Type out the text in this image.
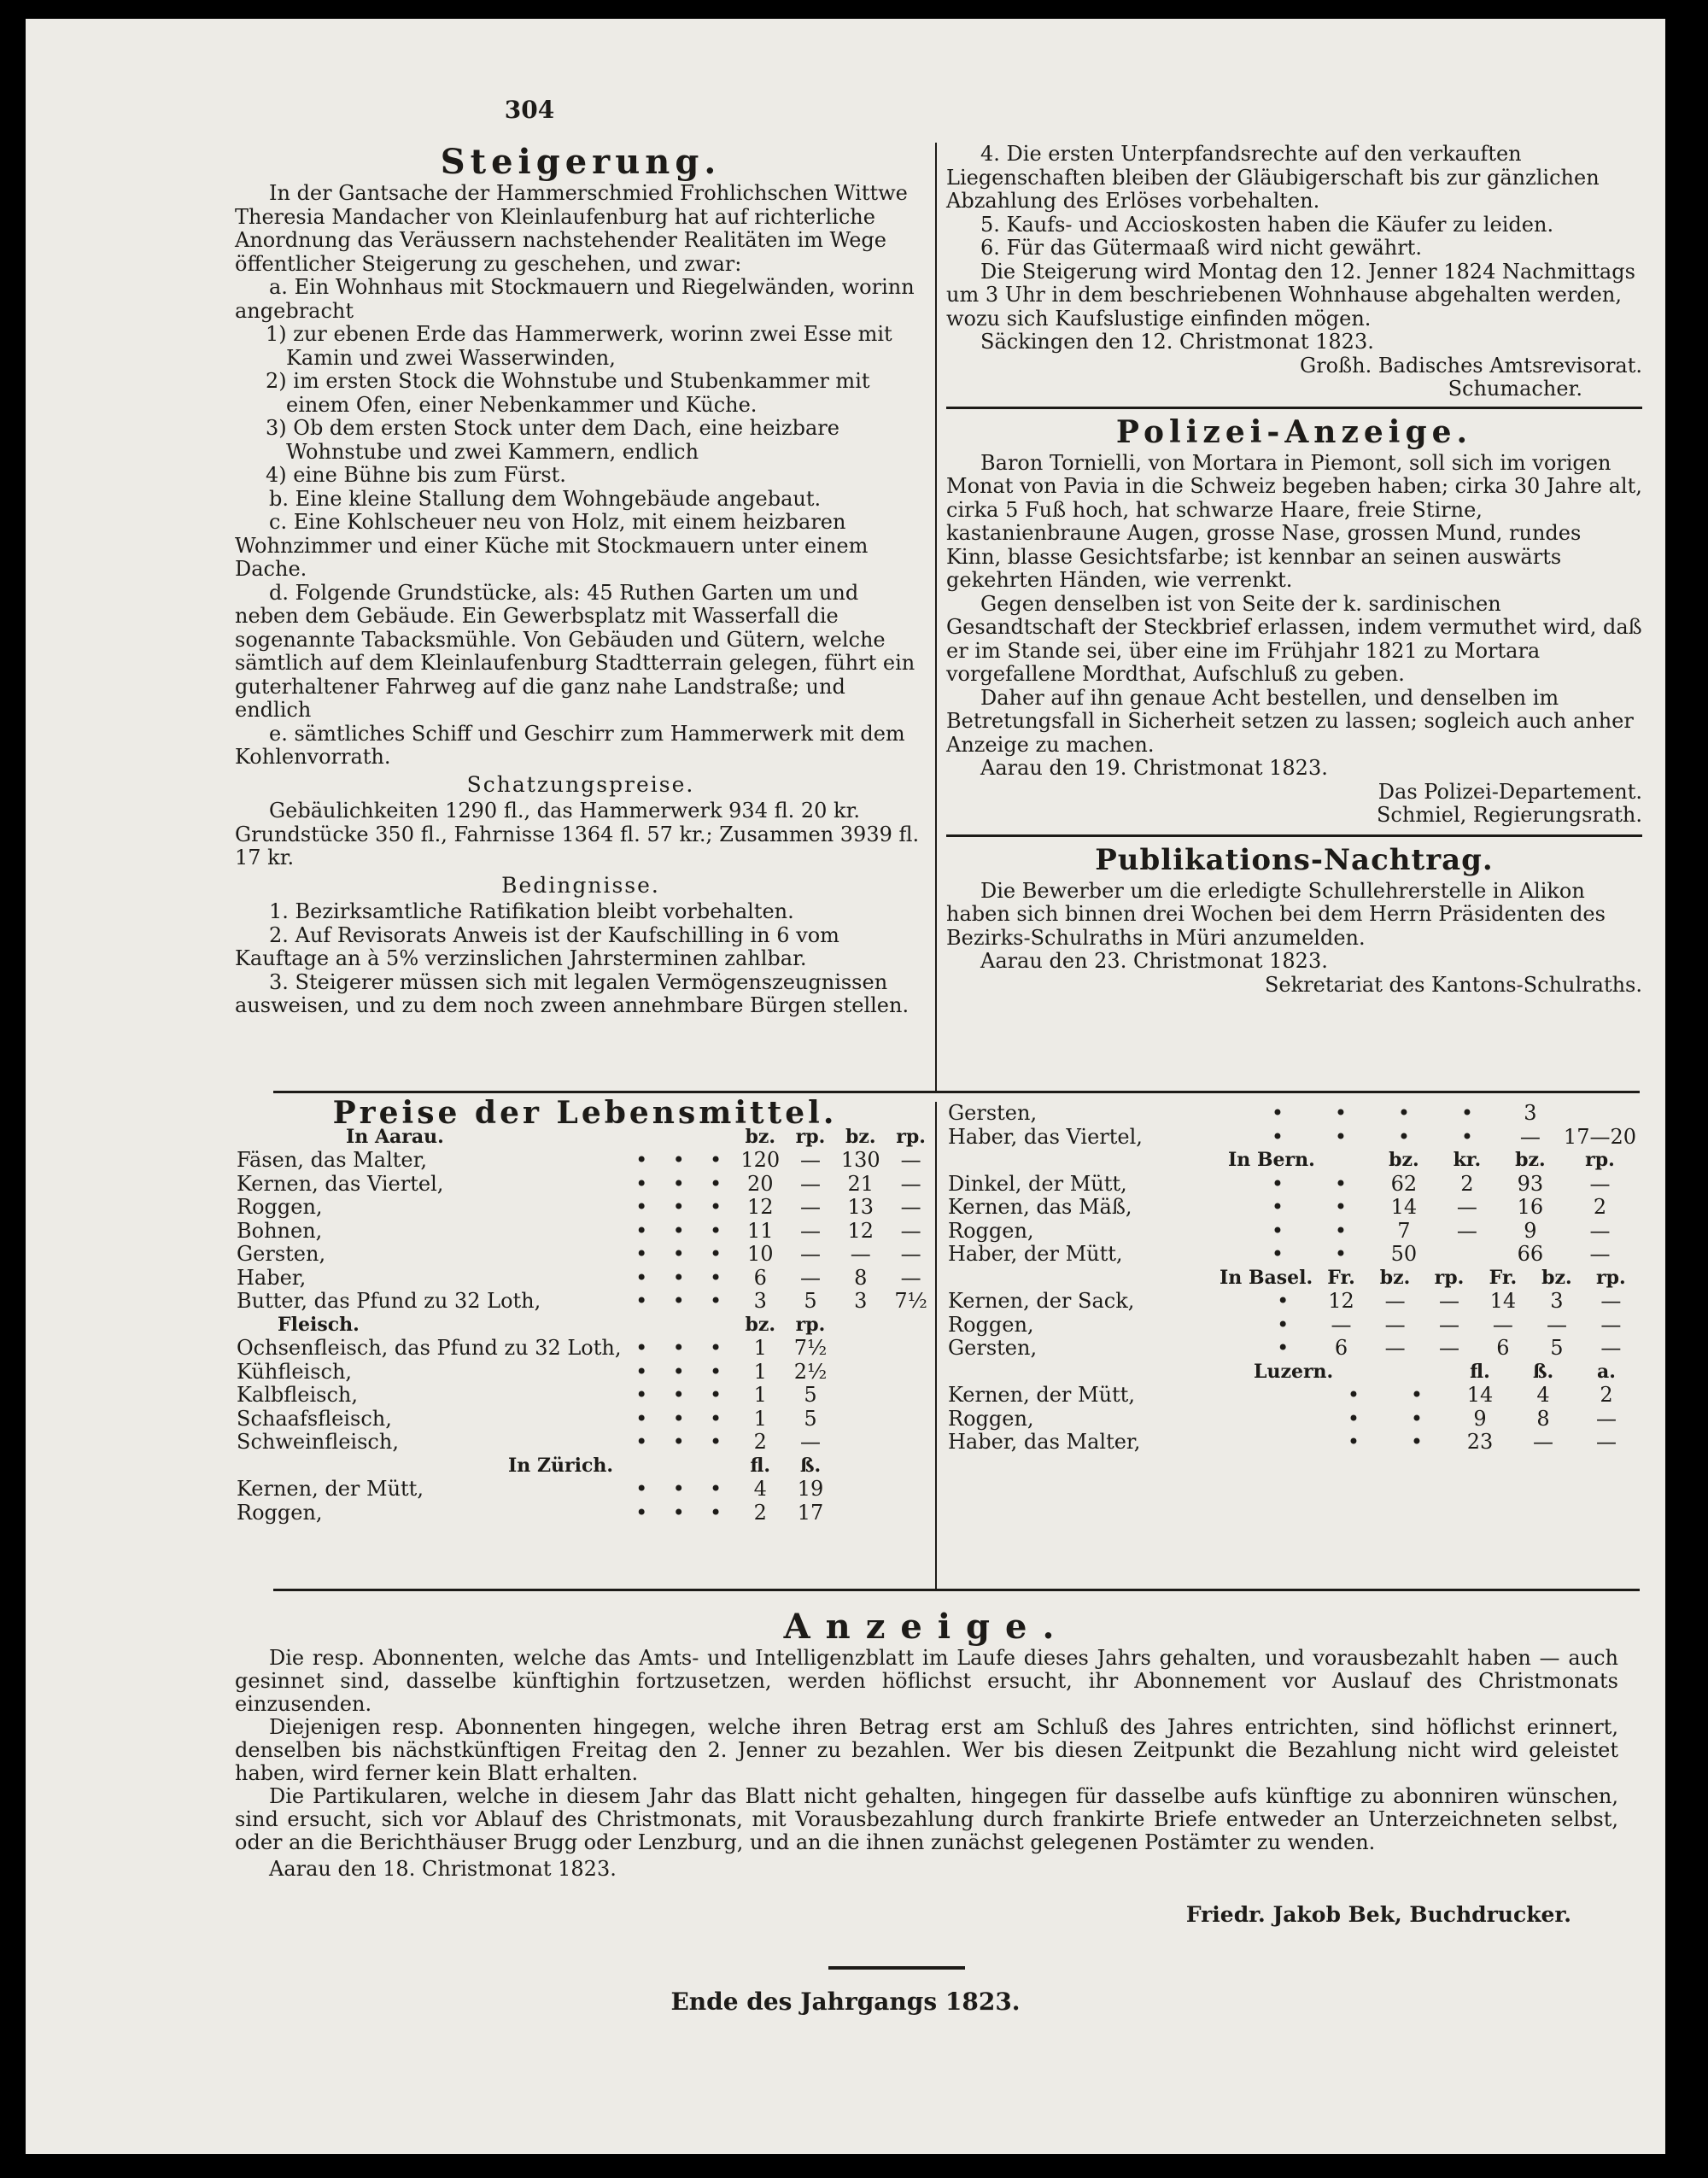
304
Steigerung.

In der Gantsache der Hammerschmied Frohlichschen Wittwe Theresia Mandacher von Kleinlaufenburg hat auf richterliche Anordnung das Veräussern nachstehender Realitäten im Wege öffentlicher Steigerung zu geschehen, und zwar:

a. Ein Wohnhaus mit Stockmauern und Riegelwänden, worinn angebracht

1) zur ebenen Erde das Hammerwerk, worinn zwei Esse mit Kamin und zwei Wasserwinden,

2) im ersten Stock die Wohnstube und Stubenkammer mit einem Ofen, einer Nebenkammer und Küche.

3) Ob dem ersten Stock unter dem Dach, eine heizbare Wohnstube und zwei Kammern, endlich

4) eine Bühne bis zum Fürst.

b. Eine kleine Stallung dem Wohngebäude angebaut.

c. Eine Kohlscheuer neu von Holz, mit einem heizbaren Wohnzimmer und einer Küche mit Stockmauern unter einem Dache.

d. Folgende Grundstücke, als: 45 Ruthen Garten um und neben dem Gebäude. Ein Gewerbsplatz mit Wasserfall die sogenannte Tabacksmühle. Von Gebäuden und Gütern, welche sämtlich auf dem Kleinlaufenburg Stadtterrain gelegen, führt ein guterhaltener Fahrweg auf die ganz nahe Landstraße; und endlich

e. sämtliches Schiff und Geschirr zum Hammerwerk mit dem Kohlenvorrath.

Schatzungspreise.

Gebäulichkeiten 1290 fl., das Hammerwerk 934 fl. 20 kr. Grundstücke 350 fl., Fahrnisse 1364 fl. 57 kr.; Zusammen 3939 fl. 17 kr.

Bedingnisse.

1. Bezirksamtliche Ratifikation bleibt vorbehalten.

2. Auf Revisorats Anweis ist der Kaufschilling in 6 vom Kauftage an à 5% verzinslichen Jahrsterminen zahlbar.

3. Steigerer müssen sich mit legalen Vermögenszeugnissen ausweisen, und zu dem noch zween annehmbare Bürgen stellen.

4. Die ersten Unterpfandsrechte auf den verkauften Liegenschaften bleiben der Gläubigerschaft bis zur gänzlichen Abzahlung des Erlöses vorbehalten.

5. Kaufs- und Accioskosten haben die Käufer zu leiden.

6. Für das Gütermaaß wird nicht gewährt.

Die Steigerung wird Montag den 12. Jenner 1824 Nachmittags um 3 Uhr in dem beschriebenen Wohnhause abgehalten werden, wozu sich Kaufslustige einfinden mögen.

Säckingen den 12. Christmonat 1823.

Großh. Badisches Amtsrevisorat.

Schumacher.

Polizei-Anzeige.

Baron Tornielli, von Mortara in Piemont, soll sich im vorigen Monat von Pavia in die Schweiz begeben haben; cirka 30 Jahre alt, cirka 5 Fuß hoch, hat schwarze Haare, freie Stirne, kastanienbraune Augen, grosse Nase, grossen Mund, rundes Kinn, blasse Gesichtsfarbe; ist kennbar an seinen auswärts gekehrten Händen, wie verrenkt.

Gegen denselben ist von Seite der k. sardinischen Gesandtschaft der Steckbrief erlassen, indem vermuthet wird, daß er im Stande sei, über eine im Frühjahr 1821 zu Mortara vorgefallene Mordthat, Aufschluß zu geben.

Daher auf ihn genaue Acht bestellen, und denselben im Betretungsfall in Sicherheit setzen zu lassen; sogleich auch anher Anzeige zu machen.

Aarau den 19. Christmonat 1823.

Das Polizei-Departement.

Schmiel, Regierungsrath.

Publikations-Nachtrag.

Die Bewerber um die erledigte Schullehrerstelle in Alikon haben sich binnen drei Wochen bei dem Herrn Präsidenten des Bezirks-Schulraths in Müri anzumelden.

Aarau den 23. Christmonat 1823.

Sekretariat des Kantons-Schulraths.

Preise der Lebensmittel.
In Aarau.				bz.	rp.	bz.	rp.
Fäsen, das Malter,	•	•	•	120	—	130	—
Kernen, das Viertel,	•	•	•	20	—	21	—
Roggen,	•	•	•	12	—	13	—
Bohnen,	•	•	•	11	—	12	—
Gersten,	•	•	•	10	—	—	—
Haber,	•	•	•	6	—	8	—
Butter, das Pfund zu 32 Loth,	•	•	•	3	5	3	7½
Fleisch.				bz.	rp.		
Ochsenfleisch, das Pfund zu 32 Loth,	•	•	•	1	7½		
Kühfleisch,	•	•	•	1	2½		
Kalbfleisch,	•	•	•	1	5		
Schaafsfleisch,	•	•	•	1	5		
Schweinfleisch,	•	•	•	2	—		
In Zürich.				fl.	ß.		
Kernen, der Mütt,	•	•	•	4	19		
Roggen,	•	•	•	2	17		
Gersten,	•	•	•	•	3	
Haber, das Viertel,	•	•	•	•	—	17—20
In Bern.			bz.	kr.	bz.	rp.
Dinkel, der Mütt,	•	•	62	2	93	—
Kernen, das Mäß,	•	•	14	—	16	2
Roggen,	•	•	7	—	9	—
Haber, der Mütt,	•	•	50		66	—
In Basel.		Fr.	bz.	rp.	Fr.	bz.	rp.
Kernen, der Sack,	•	12	—	—	14	3	—
Roggen,	•	—	—	—	—	—	—
Gersten,	•	6	—	—	6	5	—
Luzern.			fl.	ß.	a.
Kernen, der Mütt,	•	•	14	4	2
Roggen,	•	•	9	8	—
Haber, das Malter,	•	•	23	—	—
Anzeige.

Die resp. Abonnenten, welche das Amts- und Intelligenzblatt im Laufe dieses Jahrs gehalten, und vorausbezahlt haben — auch gesinnet sind, dasselbe künftighin fortzusetzen, werden höflichst ersucht, ihr Abonnement vor Auslauf des Christmonats einzusenden.

Diejenigen resp. Abonnenten hingegen, welche ihren Betrag erst am Schluß des Jahres entrichten, sind höflichst erinnert, denselben bis nächstkünftigen Freitag den 2. Jenner zu bezahlen. Wer bis diesen Zeitpunkt die Bezahlung nicht wird geleistet haben, wird ferner kein Blatt erhalten.

Die Partikularen, welche in diesem Jahr das Blatt nicht gehalten, hingegen für dasselbe aufs künftige zu abonniren wünschen, sind ersucht, sich vor Ablauf des Christmonats, mit Vorausbezahlung durch frankirte Briefe entweder an Unterzeichneten selbst, oder an die Berichthäuser Brugg oder Lenzburg, und an die ihnen zunächst gelegenen Postämter zu wenden.

Aarau den 18. Christmonat 1823.

Friedr. Jakob Bek, Buchdrucker.
Ende des Jahrgangs 1823.
